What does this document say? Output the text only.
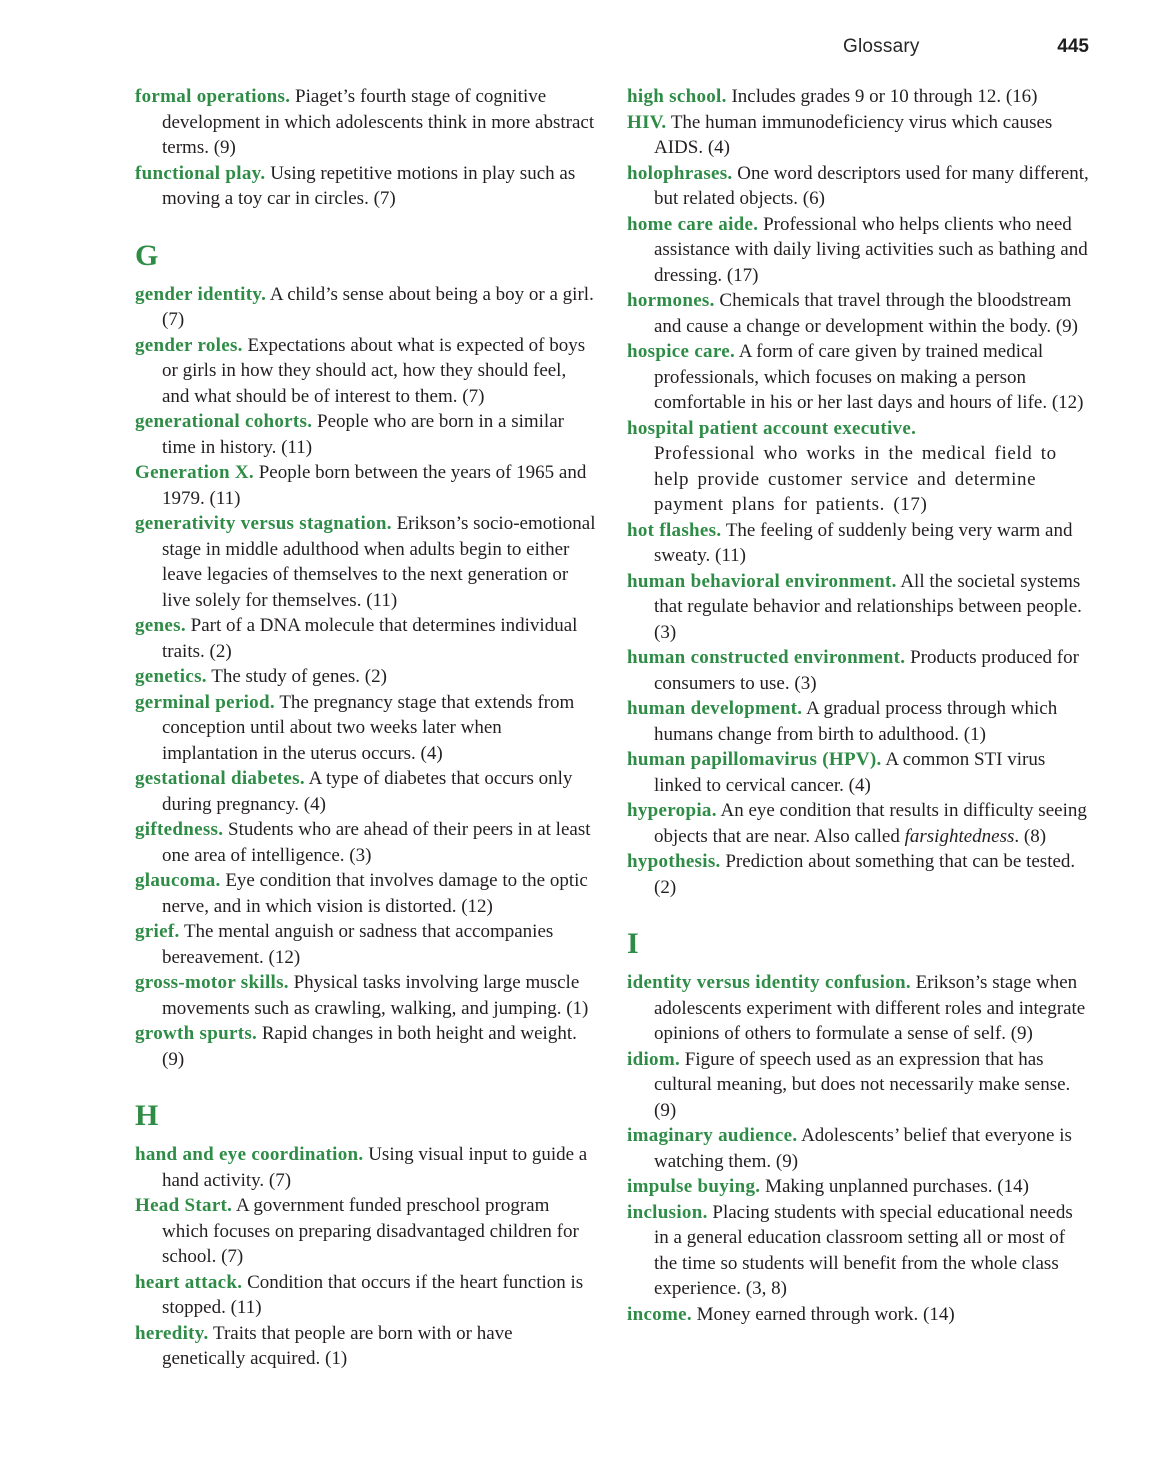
Glossary	445

formal operations. Piaget’s fourth stage of cognitive development in which adolescents think in more abstract terms. (9)

functional play. Using repetitive motions in play such as moving a toy car in circles. (7)

G

gender identity. A child’s sense about being a boy or a girl. (7)

gender roles. Expectations about what is expected of boys or girls in how they should act, how they should feel, and what should be of interest to them. (7)

generational cohorts. People who are born in a similar time in history. (11)

Generation X. People born between the years of 1965 and 1979. (11)

generativity versus stagnation. Erikson’s socio-emotional stage in middle adulthood when adults begin to either leave legacies of themselves to the next generation or live solely for themselves. (11)

genes. Part of a DNA molecule that determines individual traits. (2)

genetics. The study of genes. (2)

germinal period. The pregnancy stage that extends from conception until about two weeks later when implantation in the uterus occurs. (4)

gestational diabetes. A type of diabetes that occurs only during pregnancy. (4)

giftedness. Students who are ahead of their peers in at least one area of intelligence. (3)

glaucoma. Eye condition that involves damage to the optic nerve, and in which vision is distorted. (12)

grief. The mental anguish or sadness that accompanies bereavement. (12)

gross-motor skills. Physical tasks involving large muscle movements such as crawling, walking, and jumping. (1)

growth spurts. Rapid changes in both height and weight. (9)

H

hand and eye coordination. Using visual input to guide a hand activity. (7)

Head Start. A government funded preschool program which focuses on preparing disadvantaged children for school. (7)

heart attack. Condition that occurs if the heart function is stopped. (11)

heredity. Traits that people are born with or have genetically acquired. (1)

high school. Includes grades 9 or 10 through 12. (16)

HIV. The human immunodeficiency virus which causes AIDS. (4)

holophrases. One word descriptors used for many different, but related objects. (6)

home care aide. Professional who helps clients who need assistance with daily living activities such as bathing and dressing. (17)

hormones. Chemicals that travel through the bloodstream and cause a change or development within the body. (9)

hospice care. A form of care given by trained medical professionals, which focuses on making a person comfortable in his or her last days and hours of life. (12)

hospital patient account executive.
Professional who works in the medical field to help provide customer service and determine payment plans for patients. (17)

hot flashes. The feeling of suddenly being very warm and sweaty. (11)

human behavioral environment. All the societal systems that regulate behavior and relationships between people. (3)

human constructed environment. Products produced for consumers to use. (3)

human development. A gradual process through which humans change from birth to adulthood. (1)

human papillomavirus (HPV). A common STI virus linked to cervical cancer. (4)

hyperopia. An eye condition that results in difficulty seeing objects that are near. Also called farsightedness. (8)

hypothesis. Prediction about something that can be tested. (2)

I

identity versus identity confusion. Erikson’s stage when adolescents experiment with different roles and integrate opinions of others to formulate a sense of self. (9)

idiom. Figure of speech used as an expression that has cultural meaning, but does not necessarily make sense. (9)

imaginary audience. Adolescents’ belief that everyone is watching them. (9)

impulse buying. Making unplanned purchases. (14)

inclusion. Placing students with special educational needs in a general education classroom setting all or most of the time so students will benefit from the whole class experience. (3, 8)

income. Money earned through work. (14)
